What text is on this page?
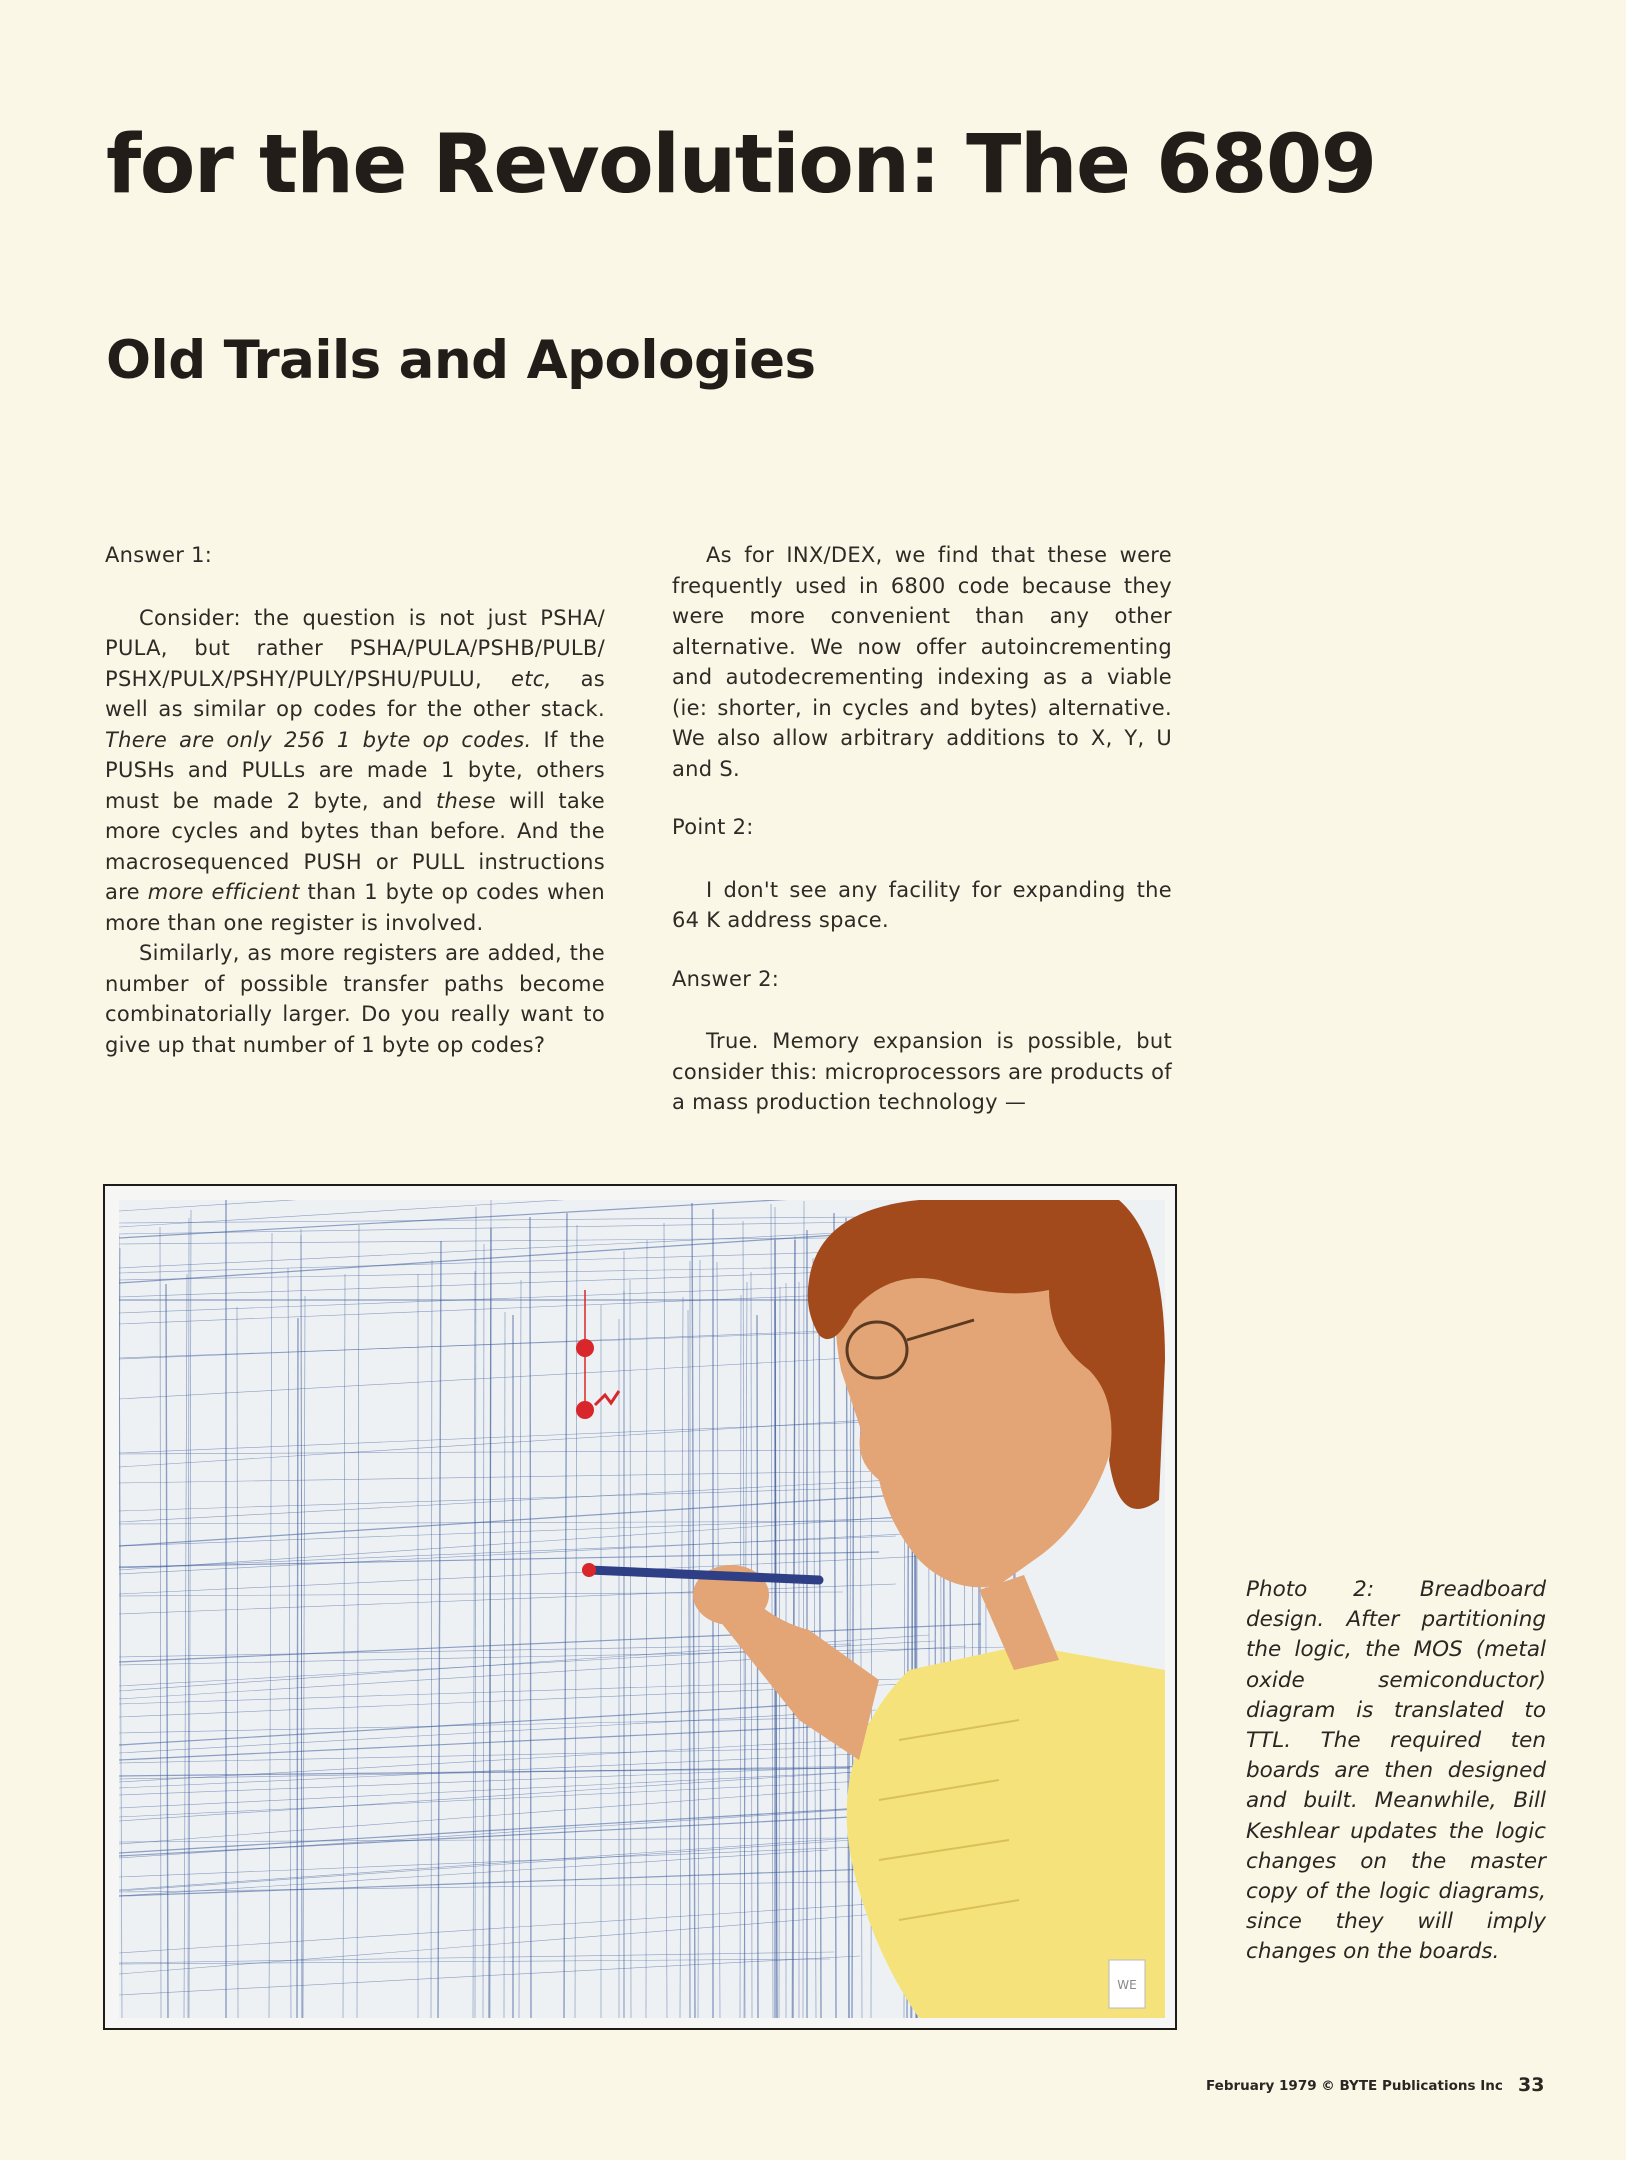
for the Revolution: The 6809
Old Trails and Apologies

Answer 1:

Consider: the question is not just PSHA/ PULA, but rather PSHA/PULA/PSHB/PULB/ PSHX/PULX/PSHY/PULY/PSHU/PULU, etc, as well as similar op codes for the other stack. There are only 256 1 byte op codes. If the PUSHs and PULLs are made 1 byte, others must be made 2 byte, and these will take more cycles and bytes than before. And the macrosequenced PUSH or PULL instructions are more efficient than 1 byte op codes when more than one register is involved.

Similarly, as more registers are added, the number of possible transfer paths become combinatorially larger. Do you really want to give up that number of 1 byte op codes?

As for INX/DEX, we find that these were frequently used in 6800 code because they were more convenient than any other alternative. We now offer autoincrementing and autodecrementing indexing as a viable (ie: shorter, in cycles and bytes) alternative. We also allow arbitrary additions to X, Y, U and S.

Point 2:

I don't see any facility for expanding the 64 K address space.

Answer 2:

True. Memory expansion is possible, but consider this: microprocessors are products of a mass production technology —

WE

Photo 2: Breadboard design. After partitioning the logic, the MOS (metal oxide semiconductor) diagram is translated to TTL. The required ten boards are then designed and built. Meanwhile, Bill Keshlear updates the logic changes on the master copy of the logic diagrams, since they will imply changes on the boards.

February 1979 © BYTE Publications Inc 33
